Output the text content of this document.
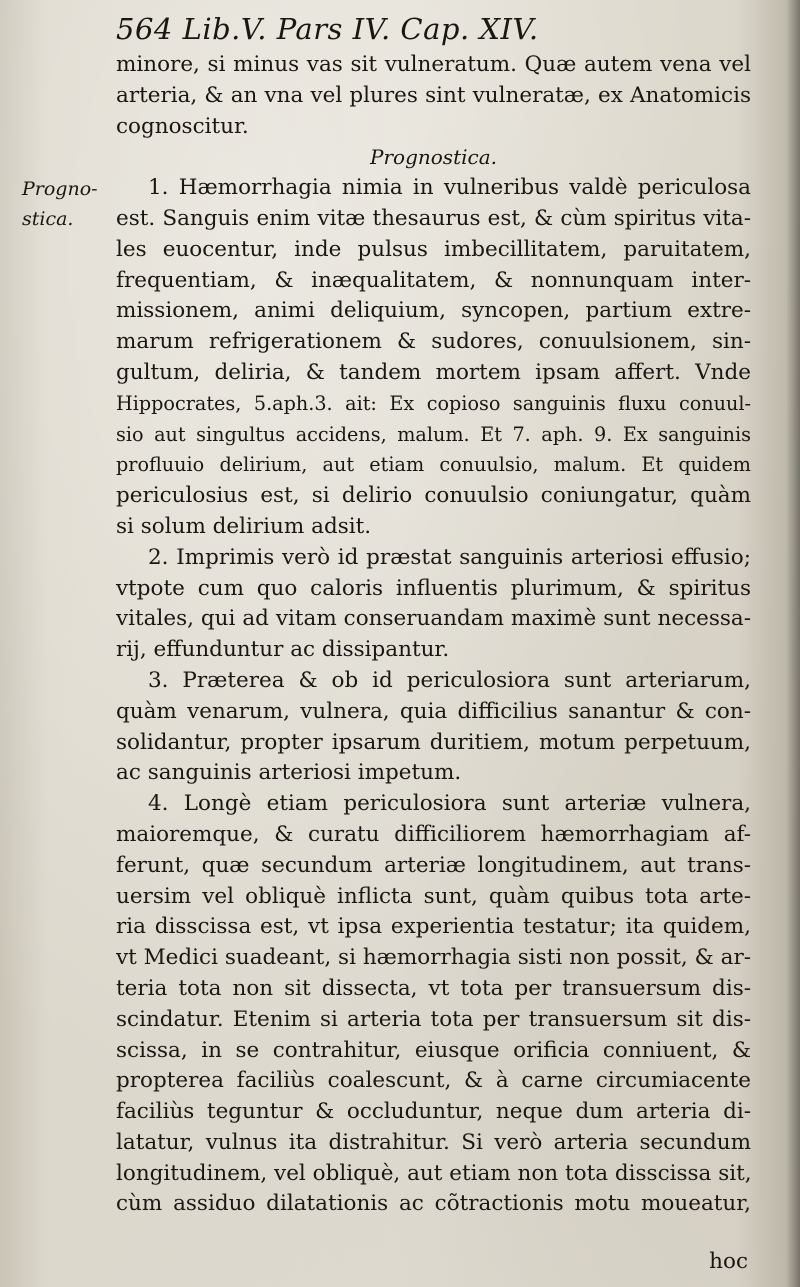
564 Lib.V. Pars IV. Cap. XIV.
Progno-
stica.
minore, si minus vas sit vulneratum. Quæ autem vena vel
arteria, & an vna vel plures sint vulneratæ, ex Anatomicis
cognoscitur.
Prognostica.
1. Hæmorrhagia nimia in vulneribus valdè periculosa
est. Sanguis enim vitæ thesaurus est, & cùm spiritus vita-
les euocentur, inde pulsus imbecillitatem, paruitatem,
frequentiam, & inæqualitatem, & nonnunquam inter-
missionem, animi deliquium, syncopen, partium extre-
marum refrigerationem & sudores, conuulsionem, sin-
gultum, deliria, & tandem mortem ipsam affert. Vnde
Hippocrates, 5.aph.3. ait: Ex copioso sanguinis fluxu conuul-
sio aut singultus accidens, malum. Et 7. aph. 9. Ex sanguinis
profluuio delirium, aut etiam conuulsio, malum. Et quidem
periculosius est, si delirio conuulsio coniungatur, quàm
si solum delirium adsit.
2. Imprimis verò id præstat sanguinis arteriosi effusio;
vtpote cum quo caloris influentis plurimum, & spiritus
vitales, qui ad vitam conseruandam maximè sunt necessa-
rij, effunduntur ac dissipantur.
3. Præterea & ob id periculosiora sunt arteriarum,
quàm venarum, vulnera, quia difficilius sanantur & con-
solidantur, propter ipsarum duritiem, motum perpetuum,
ac sanguinis arteriosi impetum.
4. Longè etiam periculosiora sunt arteriæ vulnera,
maioremque, & curatu difficiliorem hæmorrhagiam af-
ferunt, quæ secundum arteriæ longitudinem, aut trans-
uersim vel obliquè inflicta sunt, quàm quibus tota arte-
ria disscissa est, vt ipsa experientia testatur; ita quidem,
vt Medici suadeant, si hæmorrhagia sisti non possit, & ar-
teria tota non sit dissecta, vt tota per transuersum dis-
scindatur. Etenim si arteria tota per transuersum sit dis-
scissa, in se contrahitur, eiusque orificia conniuent, &
propterea faciliùs coalescunt, & à carne circumiacente
faciliùs teguntur & occluduntur, neque dum arteria di-
latatur, vulnus ita distrahitur. Si verò arteria secundum
longitudinem, vel obliquè, aut etiam non tota disscissa sit,
cùm assiduo dilatationis ac cõtractionis motu moueatur,
hoc
